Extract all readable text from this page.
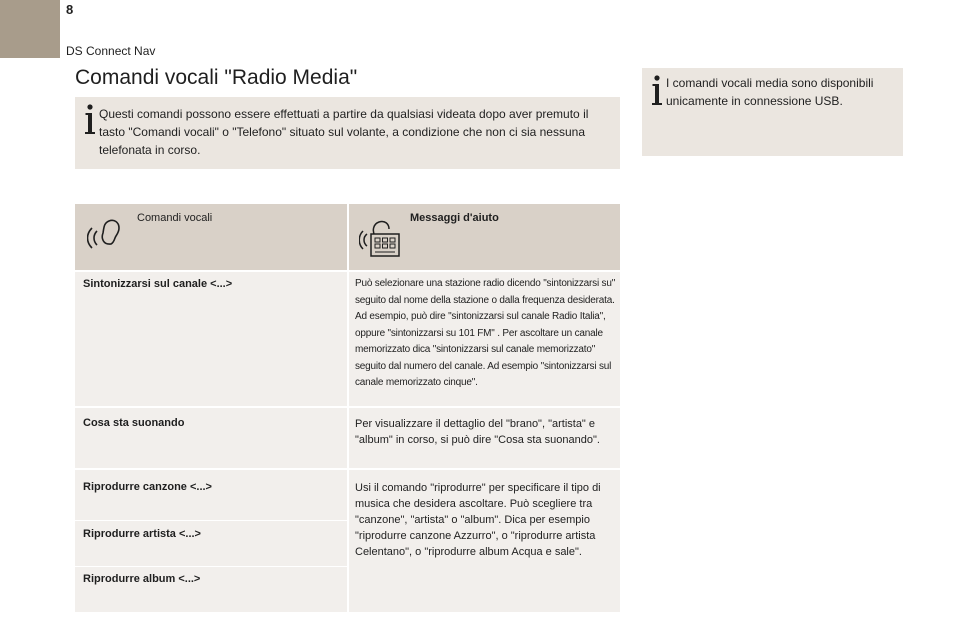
8
DS Connect Nav
Comandi vocali "Radio Media"

Questi comandi possono essere effettuati a partire da qualsiasi videata dopo aver premuto il tasto "Comandi vocali" o "Telefono" situato sul volante, a condizione che non ci sia nessuna telefonata in corso.

I comandi vocali media sono disponibili unicamente in connessione USB.

Comandi vocali	Messaggi d'aiuto
Sintonizzarsi sul canale <...>	Può selezionare una stazione radio dicendo "sintonizzarsi su" seguito dal nome della stazione o dalla frequenza desiderata. Ad esempio, può dire "sintonizzarsi sul canale Radio Italia", oppure "sintonizzarsi su 101 FM" . Per ascoltare un canale memorizzato dica "sintonizzarsi sul canale memorizzato" seguito dal numero del canale. Ad esempio "sintonizzarsi sul canale memorizzato cinque".
Cosa sta suonando	Per visualizzare il dettaglio del "brano", "artista" e "album" in corso, si può dire "Cosa sta suonando".
Riprodurre canzone <...>	Usi il comando "riprodurre" per specificare il tipo di musica che desidera ascoltare. Può scegliere tra "canzone", "artista" o "album". Dica per esempio "riprodurre canzone Azzurro", o "riprodurre artista Celentano", o "riprodurre album Acqua e sale".
Riprodurre artista <...>
Riprodurre album <...>
